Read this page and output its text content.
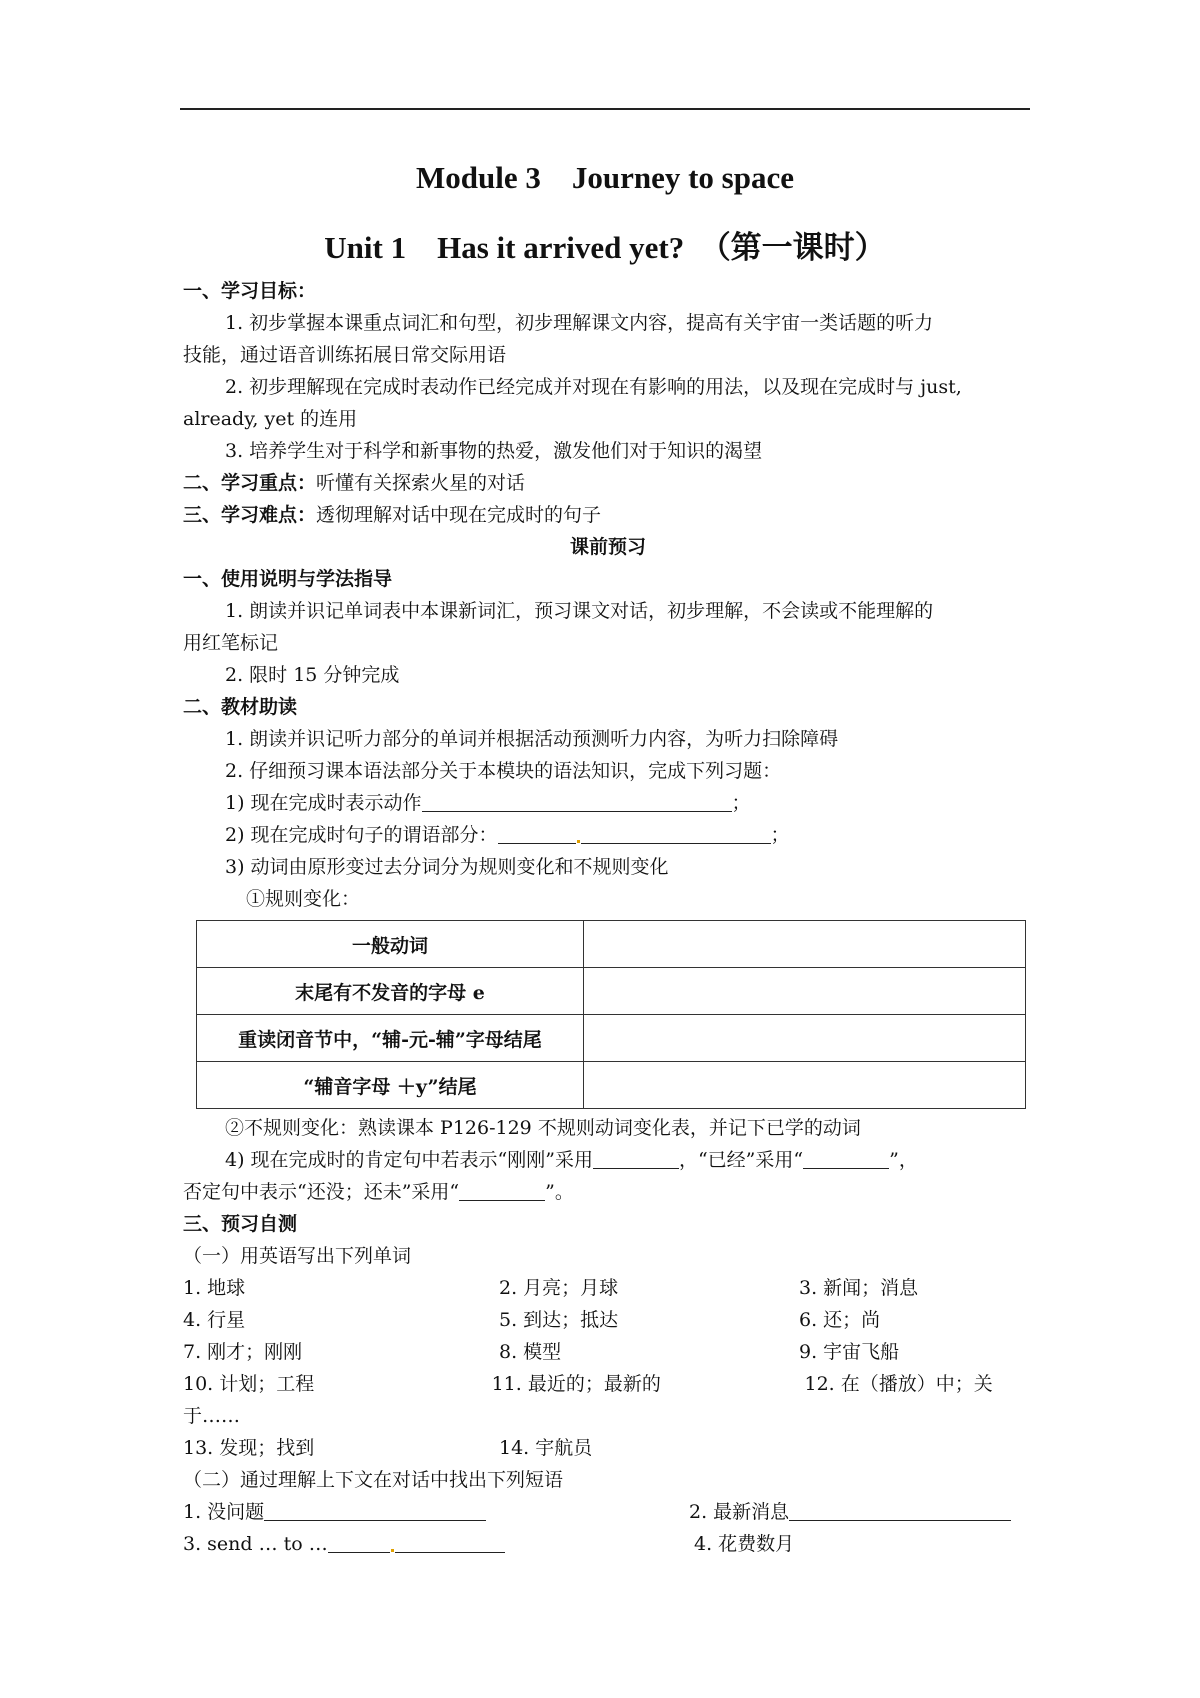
Module 3    Journey to space
Unit 1    Has it arrived yet?  （第一课时）
一、学习目标：
1. 初步掌握本课重点词汇和句型，初步理解课文内容，提高有关宇宙一类话题的听力
技能，通过语音训练拓展日常交际用语
2. 初步理解现在完成时表动作已经完成并对现在有影响的用法，以及现在完成时与 just,
already, yet 的连用
3. 培养学生对于科学和新事物的热爱，激发他们对于知识的渴望
二、学习重点：听懂有关探索火星的对话
三、学习难点：透彻理解对话中现在完成时的句子
课前预习
一、使用说明与学法指导
1. 朗读并识记单词表中本课新词汇，预习课文对话，初步理解，不会读或不能理解的
用红笔标记
2. 限时 15 分钟完成
二、教材助读
1. 朗读并识记听力部分的单词并根据活动预测听力内容，为听力扫除障碍
2. 仔细预习课本语法部分关于本模块的语法知识，完成下列习题：
1) 现在完成时表示动作	；
2) 现在完成时句子的谓语部分：	；
3) 动词由原形变过去分词分为规则变化和不规则变化
①规则变化：
一般动词	
末尾有不发音的字母 e	
重读闭音节中，“辅-元-辅”字母结尾	
“辅音字母 ＋y”结尾	
②不规则变化：熟读课本 P126-129 不规则动词变化表，并记下已学的动词
4) 现在完成时的肯定句中若表示“刚刚”采用	，“已经”采用“	”，
否定句中表示“还没；还未”采用“	”。
三、预习自测
（一）用英语写出下列单词
1. 地球	2. 月亮；月球	3. 新闻；消息
4. 行星	5. 到达；抵达	6. 还；尚
7. 刚才；刚刚	8. 模型	9. 宇宙飞船
10. 计划；工程	11. 最近的；最新的	12. 在（播放）中；关
于……
13. 发现；找到	14. 宇航员
（二）通过理解上下文在对话中找出下列短语
1. 没问题	2. 最新消息
3. send … to …	4. 花费数月
